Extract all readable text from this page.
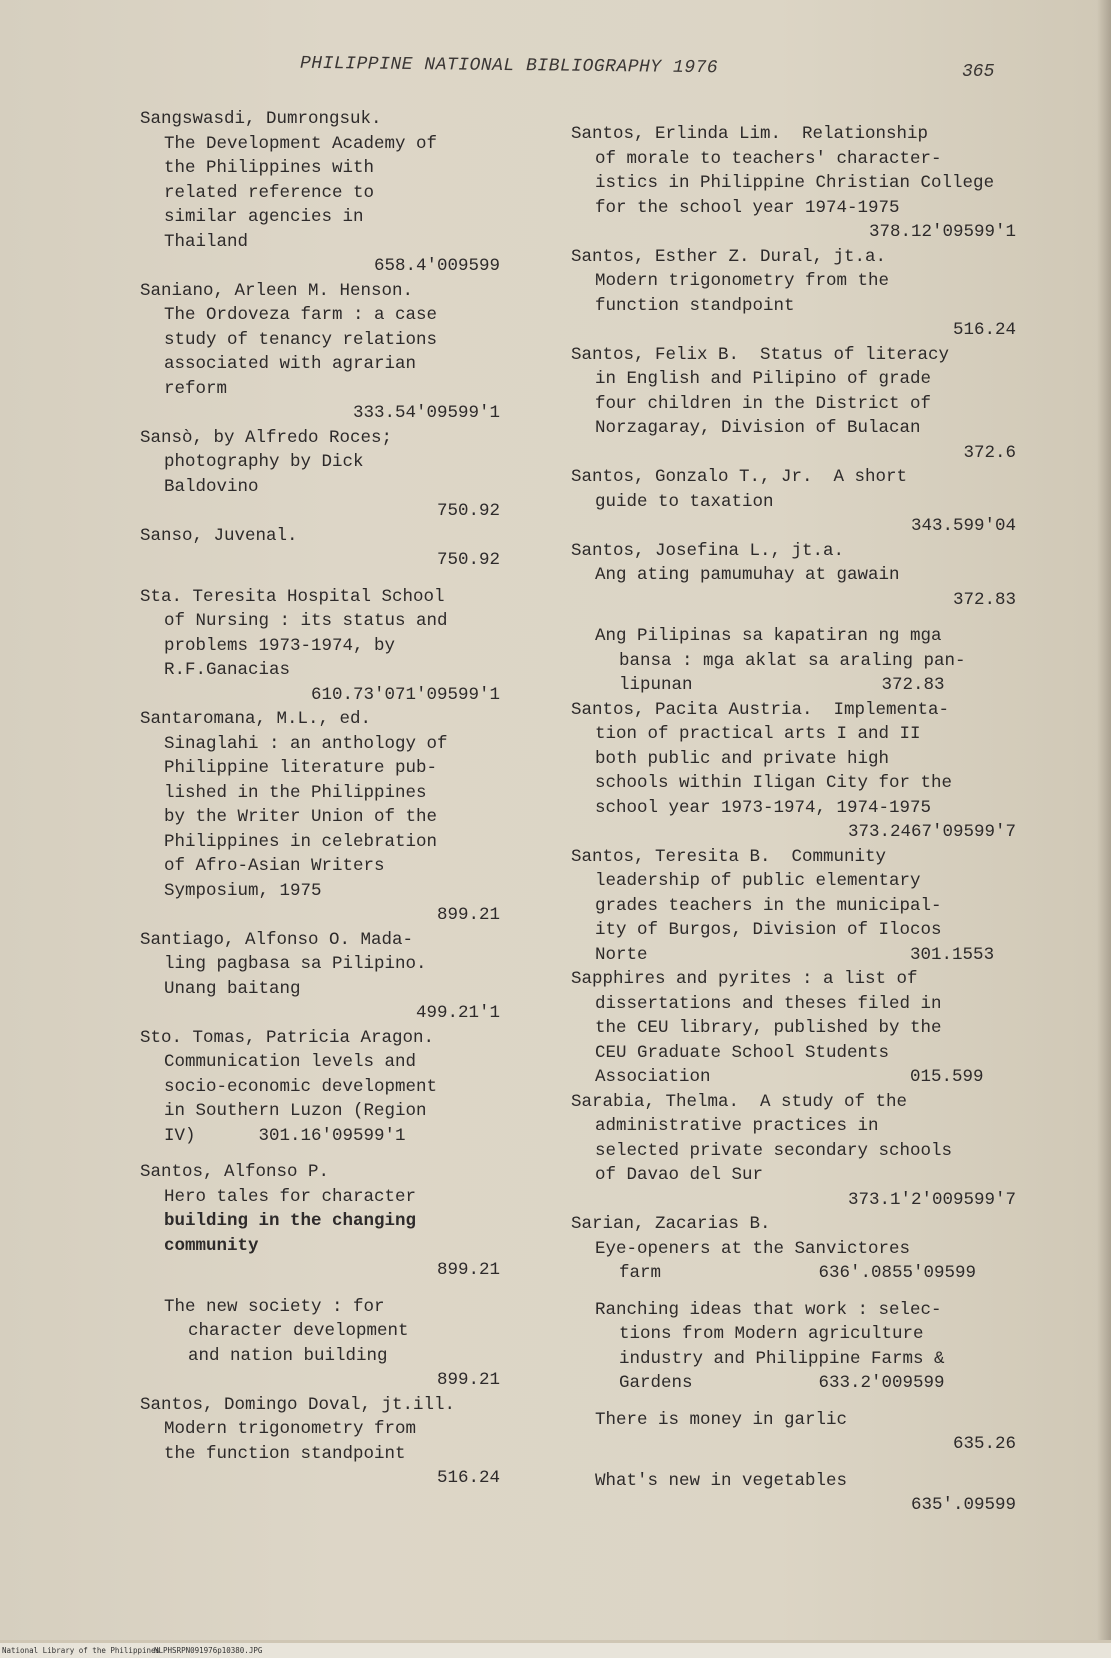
PHILIPPINE NATIONAL BIBLIOGRAPHY 1976	365
Sangswasdi, Dumrongsuk.
The Development Academy of
the Philippines with
related reference to
similar agencies in
Thailand
658.4'009599
Saniano, Arleen M. Henson.
The Ordoveza farm : a case
study of tenancy relations
associated with agrarian
reform
333.54'09599'1
Sansò, by Alfredo Roces;
photography by Dick
Baldovino
750.92
Sanso, Juvenal.
750.92
Sta. Teresita Hospital School
of Nursing : its status and
problems 1973-1974, by
R.F.Ganacias
610.73'071'09599'1
Santaromana, M.L., ed.
Sinaglahi : an anthology of
Philippine literature pub-
lished in the Philippines
by the Writer Union of the
Philippines in celebration
of Afro-Asian Writers
Symposium, 1975
899.21
Santiago, Alfonso O. Mada-
ling pagbasa sa Pilipino.
Unang baitang
499.21'1
Sto. Tomas, Patricia Aragon.
Communication levels and
socio-economic development
in Southern Luzon (Region
IV)      301.16'09599'1
Santos, Alfonso P.
Hero tales for character
building in the changing
community
899.21
The new society : for
character development
and nation building
899.21
Santos, Domingo Doval, jt.ill.
Modern trigonometry from
the function standpoint
516.24
Santos, Erlinda Lim.  Relationship
of morale to teachers' character-
istics in Philippine Christian College
for the school year 1974-1975
378.12'09599'1
Santos, Esther Z. Dural, jt.a.
Modern trigonometry from the
function standpoint
516.24
Santos, Felix B.  Status of literacy
in English and Pilipino of grade
four children in the District of
Norzagaray, Division of Bulacan
372.6
Santos, Gonzalo T., Jr.  A short
guide to taxation
343.599'04
Santos, Josefina L., jt.a.
Ang ating pamumuhay at gawain
372.83
Ang Pilipinas sa kapatiran ng mga
bansa : mga aklat sa araling pan-
lipunan                  372.83
Santos, Pacita Austria.  Implementa-
tion of practical arts I and II
both public and private high
schools within Iligan City for the
school year 1973-1974, 1974-1975
373.2467'09599'7
Santos, Teresita B.  Community
leadership of public elementary
grades teachers in the municipal-
ity of Burgos, Division of Ilocos
Norte                         301.1553
Sapphires and pyrites : a list of
dissertations and theses filed in
the CEU library, published by the
CEU Graduate School Students
Association                   015.599
Sarabia, Thelma.  A study of the
administrative practices in
selected private secondary schools
of Davao del Sur
373.1'2'009599'7
Sarian, Zacarias B.
Eye-openers at the Sanvictores
farm               636'.0855'09599
Ranching ideas that work : selec-
tions from Modern agriculture
industry and Philippine Farms &
Gardens            633.2'009599
There is money in garlic
635.26
What's new in vegetables
635'.09599
National Library of the Philippines
NLPHSRPN091976p10380.JPG
